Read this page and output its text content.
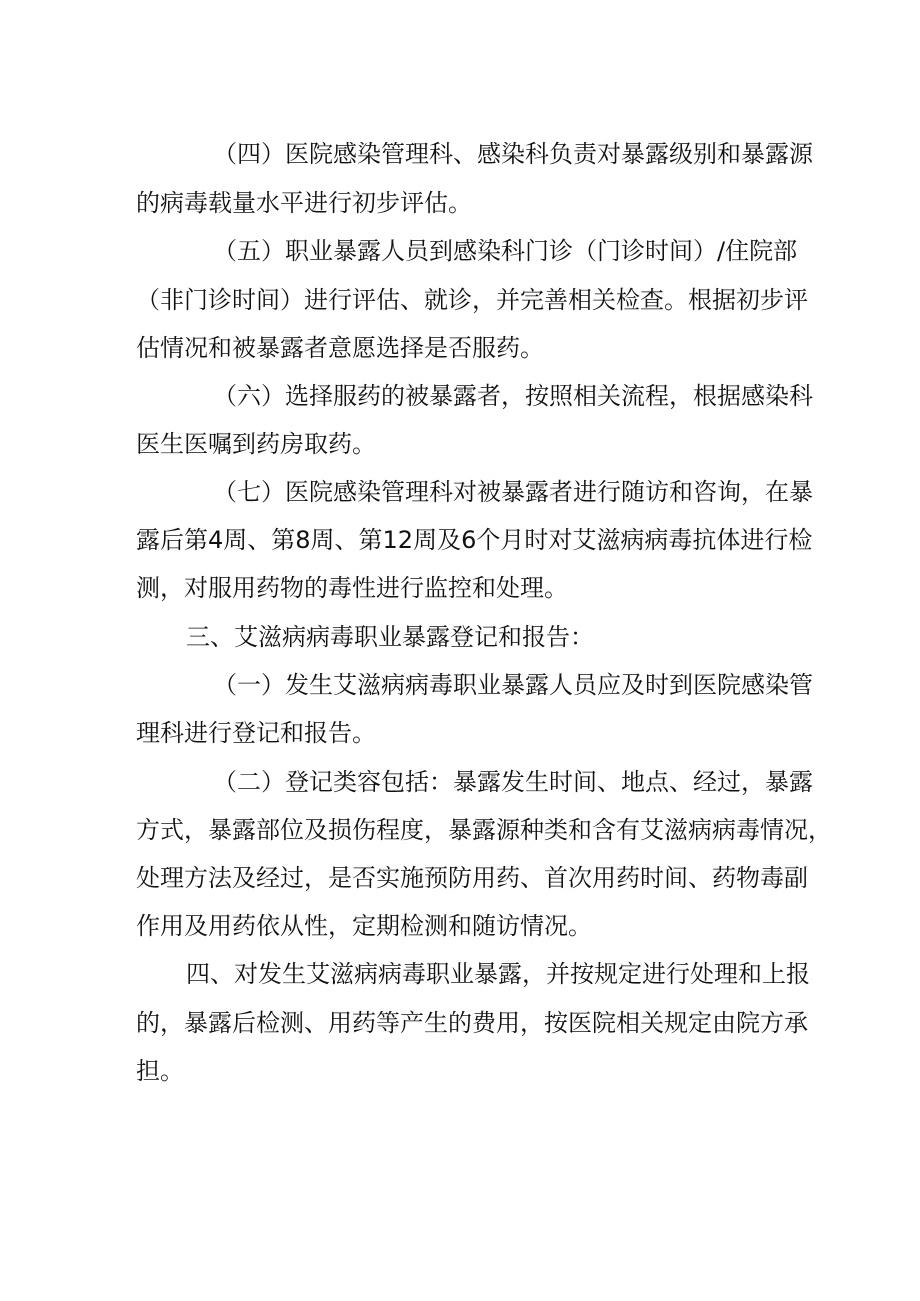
（四）医院感染管理科、感染科负责对暴露级别和暴露源

的病毒载量水平进行初步评估。

（五）职业暴露人员到感染科门诊（门诊时间）/住院部

（非门诊时间）进行评估、就诊，并完善相关检查。根据初步评

估情况和被暴露者意愿选择是否服药。

（六）选择服药的被暴露者，按照相关流程，根据感染科

医生医嘱到药房取药。

（七）医院感染管理科对被暴露者进行随访和咨询，在暴

露后第4周、第8周、第12周及6个月时对艾滋病病毒抗体进行检

测，对服用药物的毒性进行监控和处理。

三、艾滋病病毒职业暴露登记和报告：

（一）发生艾滋病病毒职业暴露人员应及时到医院感染管

理科进行登记和报告。

（二）登记类容包括：暴露发生时间、地点、经过，暴露

方式，暴露部位及损伤程度，暴露源种类和含有艾滋病病毒情况，

处理方法及经过，是否实施预防用药、首次用药时间、药物毒副

作用及用药依从性，定期检测和随访情况。

四、对发生艾滋病病毒职业暴露，并按规定进行处理和上报

的，暴露后检测、用药等产生的费用，按医院相关规定由院方承

担。
